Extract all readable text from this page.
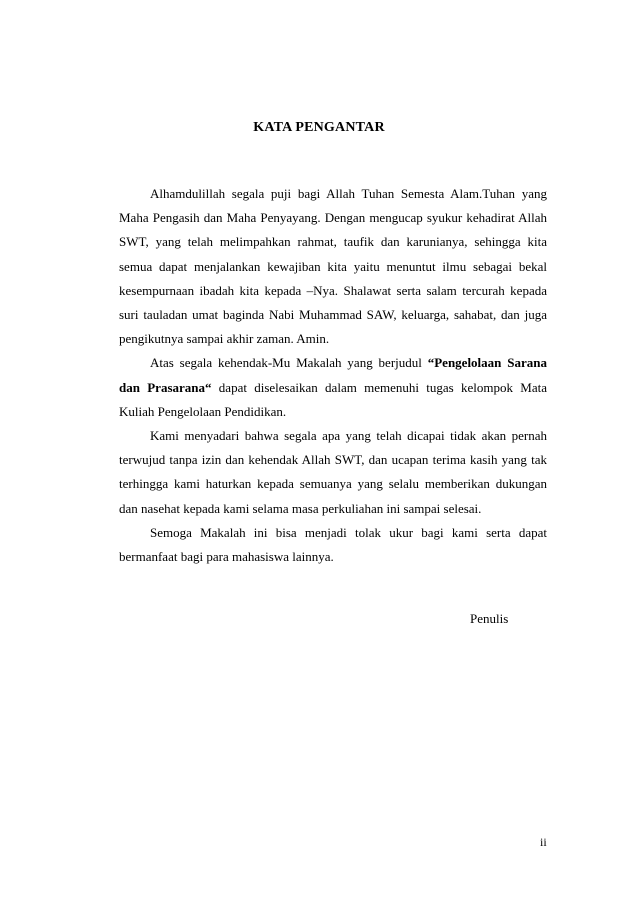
KATA PENGANTAR

Alhamdulillah segala puji bagi Allah Tuhan Semesta Alam.Tuhan yang Maha Pengasih dan Maha Penyayang. Dengan mengucap syukur kehadirat Allah SWT, yang telah melimpahkan rahmat, taufik dan karunianya, sehingga kita semua dapat menjalankan kewajiban kita yaitu menuntut ilmu sebagai bekal kesempurnaan ibadah kita kepada –Nya. Shalawat serta salam tercurah kepada suri tauladan umat baginda Nabi Muhammad SAW, keluarga, sahabat, dan juga pengikutnya sampai akhir zaman. Amin.

Atas segala kehendak-Mu Makalah yang berjudul “Pengelolaan Sarana dan Prasarana“ dapat diselesaikan dalam memenuhi tugas kelompok Mata Kuliah Pengelolaan Pendidikan.

Kami menyadari bahwa segala apa yang telah dicapai tidak akan pernah terwujud tanpa izin dan kehendak Allah SWT, dan ucapan terima kasih yang tak terhingga kami haturkan kepada semuanya yang selalu memberikan dukungan dan nasehat kepada kami selama masa perkuliahan ini sampai selesai.

Semoga Makalah ini bisa menjadi tolak ukur bagi kami serta dapat bermanfaat bagi para mahasiswa lainnya.

Penulis
ii
